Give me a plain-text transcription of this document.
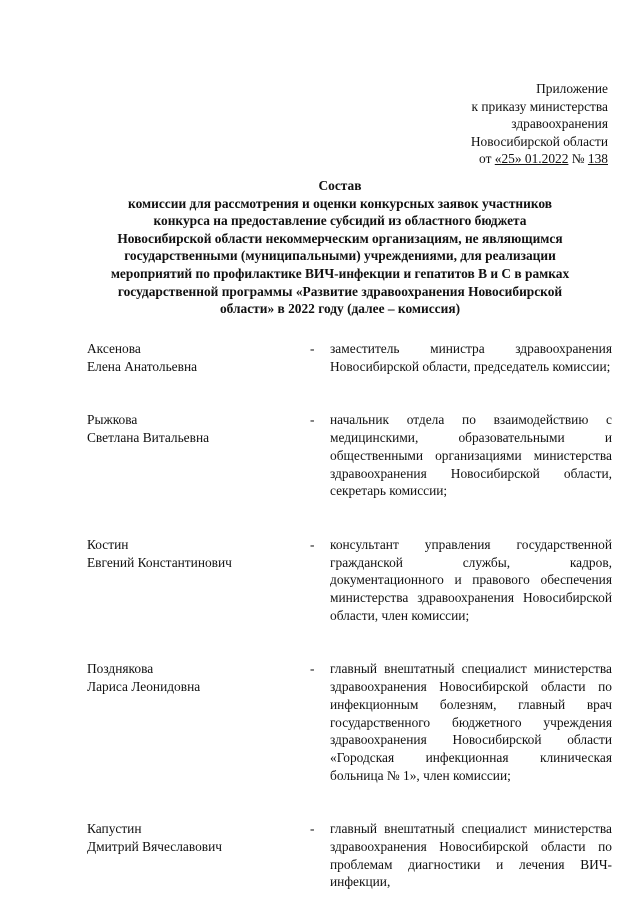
Приложение
к приказу министерства
здравоохранения
Новосибирской области
от «25» 01.2022 № 138
Состав
комиссии для рассмотрения и оценки конкурсных заявок участников
конкурса на предоставление субсидий из областного бюджета
Новосибирской области некоммерческим организациям, не являющимся
государственными (муниципальными) учреждениями, для реализации
мероприятий по профилактике ВИЧ-инфекции и гепатитов В и С в рамках
государственной программы «Развитие здравоохранения Новосибирской
области» в 2022 году (далее – комиссия)
Аксенова
Елена Анатольевна
-	заместитель министра здравоохранения Новосибирской области, председатель комиссии;
Рыжкова
Светлана Витальевна
-	начальник отдела по взаимодействию с медицинскими, образовательными и общественными организациями министерства здравоохранения Новосибирской области, секретарь комиссии;
Костин
Евгений Константинович
-	консультант управления государственной гражданской службы, кадров, документационного и правового обеспечения министерства здравоохранения Новосибирской области, член комиссии;
Позднякова
Лариса Леонидовна
-	главный внештатный специалист министерства здравоохранения Новосибирской области по инфекционным болезням, главный врач государственного бюджетного учреждения здравоохранения Новосибирской области «Городская инфекционная клиническая больница № 1», член комиссии;
Капустин
Дмитрий Вячеславович
-	главный внештатный специалист министерства здравоохранения Новосибирской области по проблемам диагностики и лечения ВИЧ-инфекции,
